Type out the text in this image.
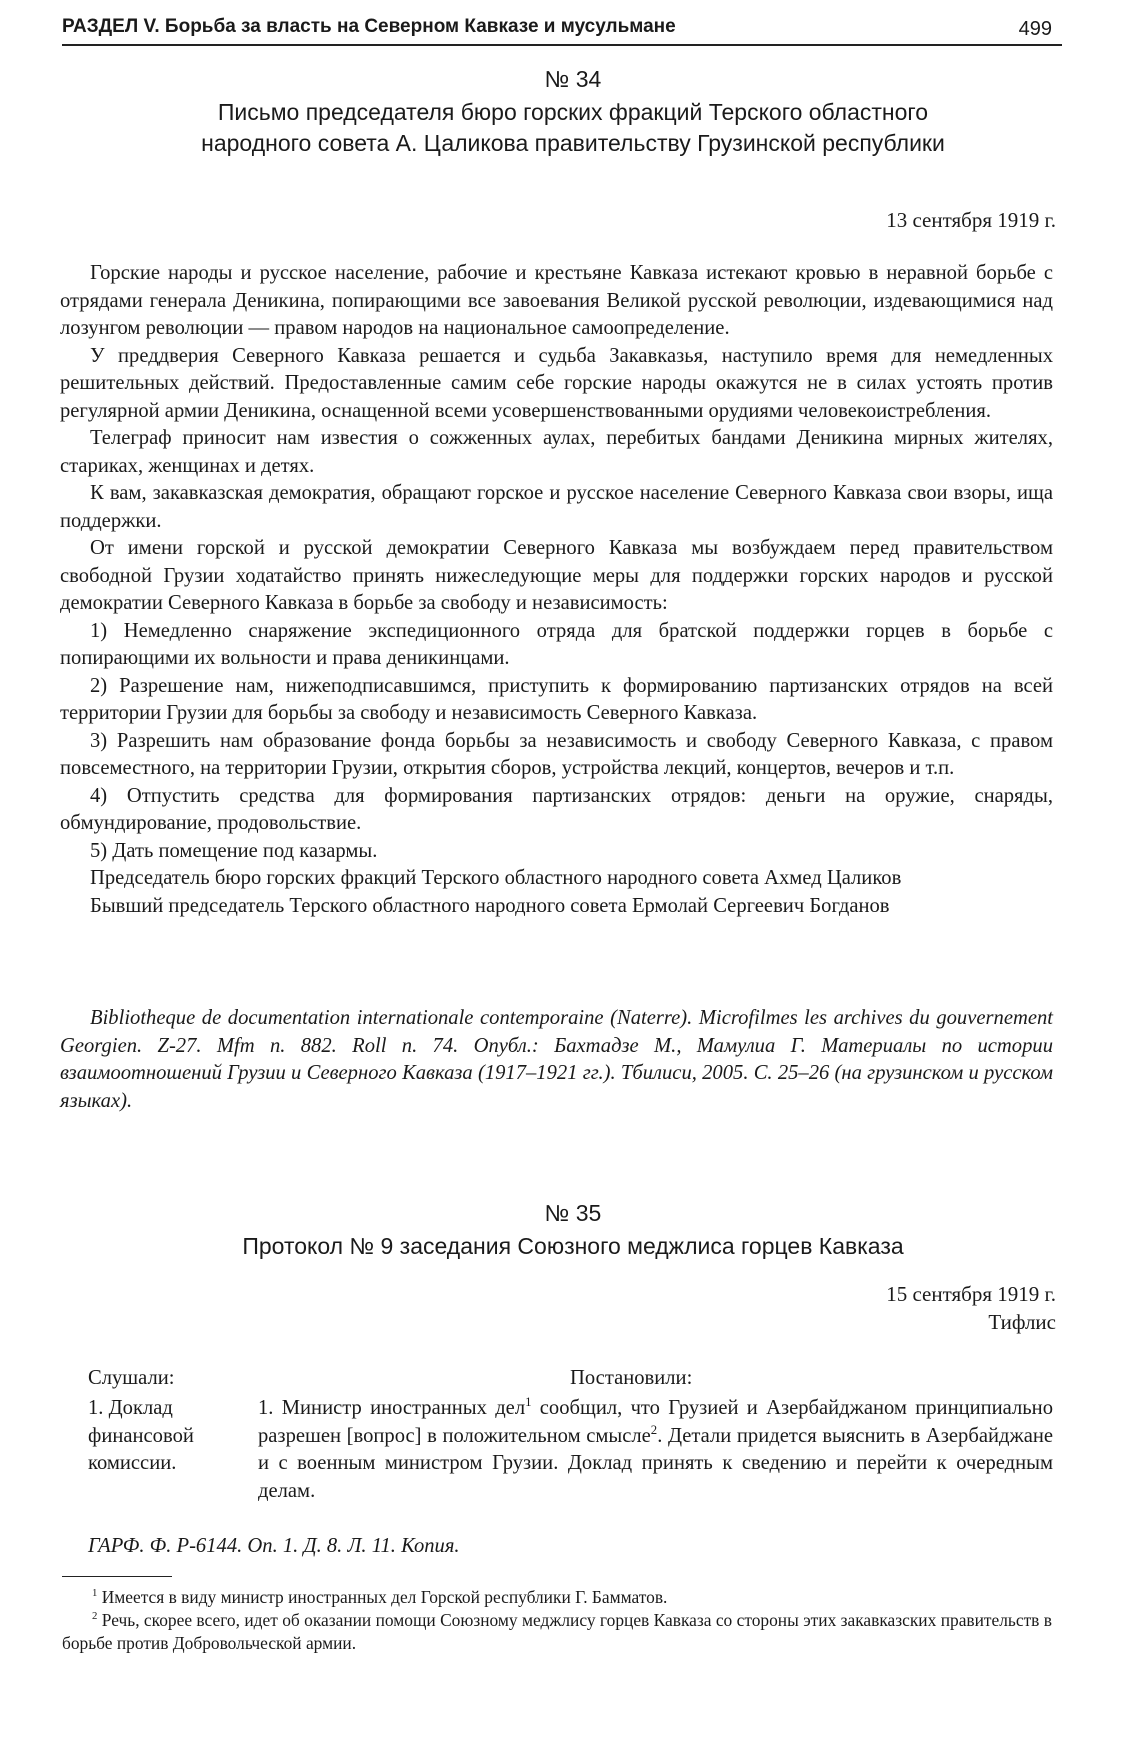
РАЗДЕЛ V. Борьба за власть на Северном Кавказе и мусульмане	499
№ 34
Письмо председателя бюро горских фракций Терского областного
народного совета А. Цаликова правительству Грузинской республики
13 сентября 1919 г.

Горские народы и русское население, рабочие и крестьяне Кавказа истекают кровью в неравной борьбе с отрядами генерала Деникина, попирающими все завоевания Великой русской революции, издевающимися над лозунгом революции — правом народов на национальное самоопределение.

У преддверия Северного Кавказа решается и судьба Закавказья, наступило время для немедленных решительных действий. Предоставленные самим себе горские народы окажутся не в силах устоять против регулярной армии Деникина, оснащенной всеми усовершенствованными орудиями человекоистребления.

Телеграф приносит нам известия о сожженных аулах, перебитых бандами Деникина мирных жителях, стариках, женщинах и детях.

К вам, закавказская демократия, обращают горское и русское население Северного Кавказа свои взоры, ища поддержки.

От имени горской и русской демократии Северного Кавказа мы возбуждаем перед правительством свободной Грузии ходатайство принять нижеследующие меры для поддержки горских народов и русской демократии Северного Кавказа в борьбе за свободу и независимость:

1) Немедленно снаряжение экспедиционного отряда для братской поддержки горцев в борьбе с попирающими их вольности и права деникинцами.

2) Разрешение нам, нижеподписавшимся, приступить к формированию партизанских отрядов на всей территории Грузии для борьбы за свободу и независимость Северного Кавказа.

3) Разрешить нам образование фонда борьбы за независимость и свободу Северного Кавказа, с правом повсеместного, на территории Грузии, открытия сборов, устройства лекций, концертов, вечеров и т.п.

4) Отпустить средства для формирования партизанских отрядов: деньги на оружие, снаряды, обмундирование, продовольствие.

5) Дать помещение под казармы.

Председатель бюро горских фракций Терского областного народного совета Ахмед Цаликов

Бывший председатель Терского областного народного совета Ермолай Сергеевич Богданов

Bibliotheque de documentation internationale contemporaine (Naterre). Microfilmes les archives du gouvernement Georgien. Z-27. Mfm n. 882. Roll n. 74. Опубл.: Бахтадзе М., Мамулиа Г. Материалы по истории взаимоотношений Грузии и Северного Кавказа (1917–1921 гг.). Тбилиси, 2005. С. 25–26 (на грузинском и русском языках).
№ 35
Протокол № 9 заседания Союзного меджлиса горцев Кавказа
15 сентября 1919 г.
Тифлис
Слушали:	Постановили:
1. Доклад финансовой комиссии.
1. Министр иностранных дел$^1$ сообщил, что Грузией и Азербайджаном принципиально разрешен [вопрос] в положительном смысле$^2$. Детали придется выяснить в Азербайджане и с военным министром Грузии. Доклад принять к сведению и перейти к очередным делам.
ГАРФ. Ф. Р-6144. Оп. 1. Д. 8. Л. 11. Копия.

$^1$ Имеется в виду министр иностранных дел Горской республики Г. Бамматов.

$^2$ Речь, скорее всего, идет об оказании помощи Союзному меджлису горцев Кавказа со стороны этих закавказских правительств в борьбе против Добровольческой армии.
